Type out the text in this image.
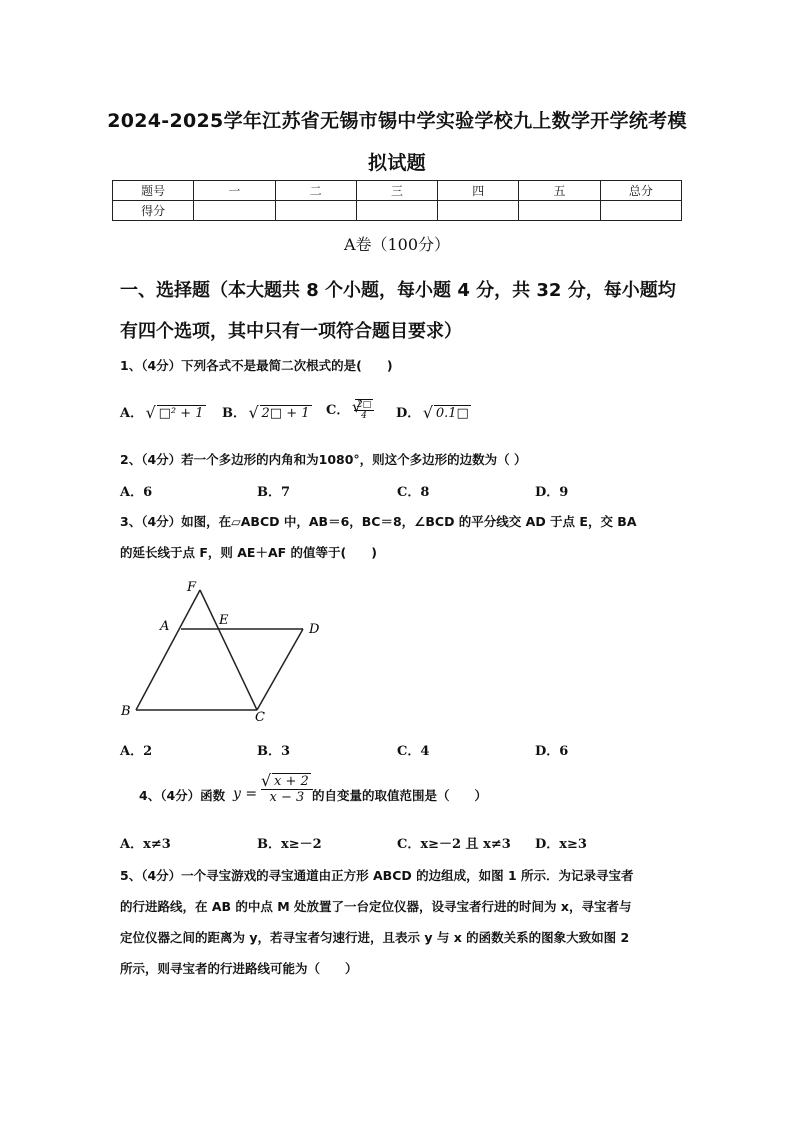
2024-2025学年江苏省无锡市锡中学实验学校九上数学开学统考模
拟试题
题号	一	二	三	四	五	总分
得分						
A卷（100分）
一、选择题（本大题共 8 个小题，每小题 4 分，共 32 分，每小题均
有四个选项，其中只有一项符合题目要求）
1、（4分）下列各式不是最简二次根式的是(　　)
A． √ □² + 1 B． √ 2□ + 1 C． √ $\frac{2□}{4}$ D． √ 0.1□
2、（4分）若一个多边形的内角和为1080°，则这个多边形的边数为（ ）
A．6	B．7	C．8	D．9
3、（4分）如图，在▱ABCD 中，AB＝6，BC＝8，∠BCD 的平分线交 AD 于点 E，交 BA
的延长线于点 F，则 AE＋AF 的值等于(　　)
F
A	E
D
B	C
A．2	B．3	C．4	D．6
4、（4分）函数 y =
√ x + 2
x − 3 的自变量的取值范围是（　　）
A．x≠3	B．x≥－2	C．x≥－2 且 x≠3 D．x≥3
5、（4分）一个寻宝游戏的寻宝通道由正方形 ABCD 的边组成，如图 1 所示．为记录寻宝者
的行进路线，在 AB 的中点 M 处放置了一台定位仪器，设寻宝者行进的时间为 x，寻宝者与
定位仪器之间的距离为 y，若寻宝者匀速行进，且表示 y 与 x 的函数关系的图象大致如图 2
所示，则寻宝者的行进路线可能为（　　）
